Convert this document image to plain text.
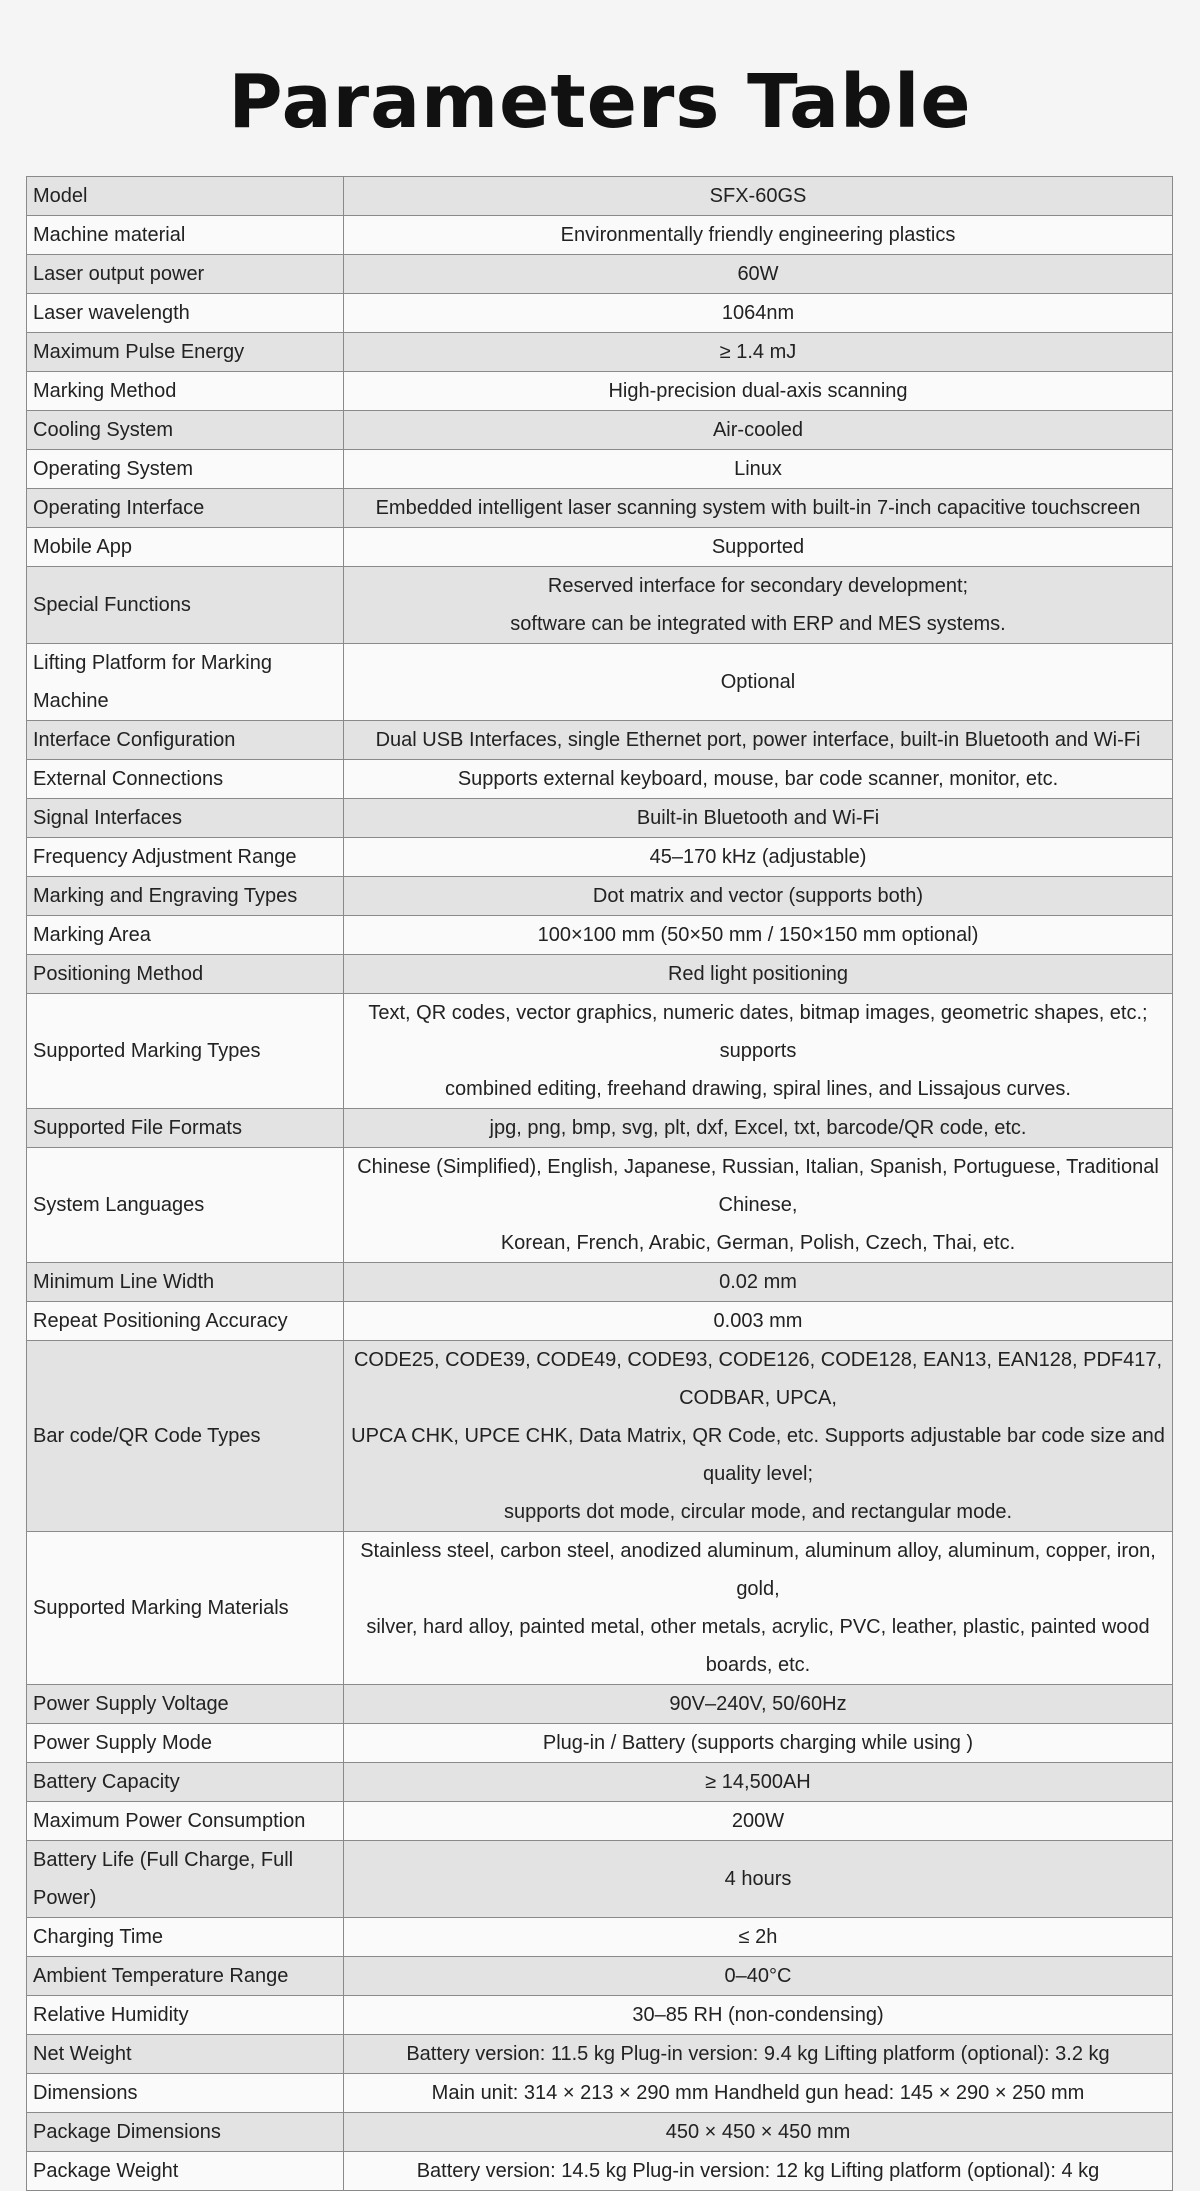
Parameters Table
Model	SFX-60GS
Machine material	Environmentally friendly engineering plastics
Laser output power	60W
Laser wavelength	1064nm
Maximum Pulse Energy	≥ 1.4 mJ
Marking Method	High-precision dual-axis scanning
Cooling System	Air-cooled
Operating System	Linux
Operating Interface	Embedded intelligent laser scanning system with built-in 7-inch capacitive touchscreen
Mobile App	Supported
Special Functions	Reserved interface for secondary development;
software can be integrated with ERP and MES systems.
Lifting Platform for Marking Machine	Optional
Interface Configuration	Dual USB Interfaces, single Ethernet port, power interface, built-in Bluetooth and Wi-Fi
External Connections	Supports external keyboard, mouse, bar code scanner, monitor, etc.
Signal Interfaces	Built-in Bluetooth and Wi-Fi
Frequency Adjustment Range	45–170 kHz (adjustable)
Marking and Engraving Types	Dot matrix and vector (supports both)
Marking Area	100×100 mm (50×50 mm / 150×150 mm optional)
Positioning Method	Red light positioning
Supported Marking Types	Text, QR codes, vector graphics, numeric dates, bitmap images, geometric shapes, etc.; supports
combined editing, freehand drawing, spiral lines, and Lissajous curves.
Supported File Formats	jpg, png, bmp, svg, plt, dxf, Excel, txt, barcode/QR code, etc.
System Languages	Chinese (Simplified), English, Japanese, Russian, Italian, Spanish, Portuguese, Traditional Chinese,
Korean, French, Arabic, German, Polish, Czech, Thai, etc.
Minimum Line Width	0.02 mm
Repeat Positioning Accuracy	0.003 mm
Bar code/QR Code Types	CODE25, CODE39, CODE49, CODE93, CODE126, CODE128, EAN13, EAN128, PDF417, CODBAR, UPCA,
UPCA CHK, UPCE CHK, Data Matrix, QR Code, etc. Supports adjustable bar code size and quality level;
supports dot mode, circular mode, and rectangular mode.
Supported Marking Materials	Stainless steel, carbon steel, anodized aluminum, aluminum alloy, aluminum, copper, iron, gold,
silver, hard alloy, painted metal, other metals, acrylic, PVC, leather, plastic, painted wood boards, etc.
Power Supply Voltage	90V–240V, 50/60Hz
Power Supply Mode	Plug-in / Battery (supports charging while using )
Battery Capacity	≥ 14,500AH
Maximum Power Consumption	200W
Battery Life (Full Charge, Full Power)	4 hours
Charging Time	≤ 2h
Ambient Temperature Range	0–40°C
Relative Humidity	30–85 RH (non-condensing)
Net Weight	Battery version: 11.5 kg Plug-in version: 9.4 kg Lifting platform (optional): 3.2 kg
Dimensions	Main unit: 314 × 213 × 290 mm Handheld gun head: 145 × 290 × 250 mm
Package Dimensions	450 × 450 × 450 mm
Package Weight	Battery version: 14.5 kg Plug-in version: 12 kg Lifting platform (optional): 4 kg
